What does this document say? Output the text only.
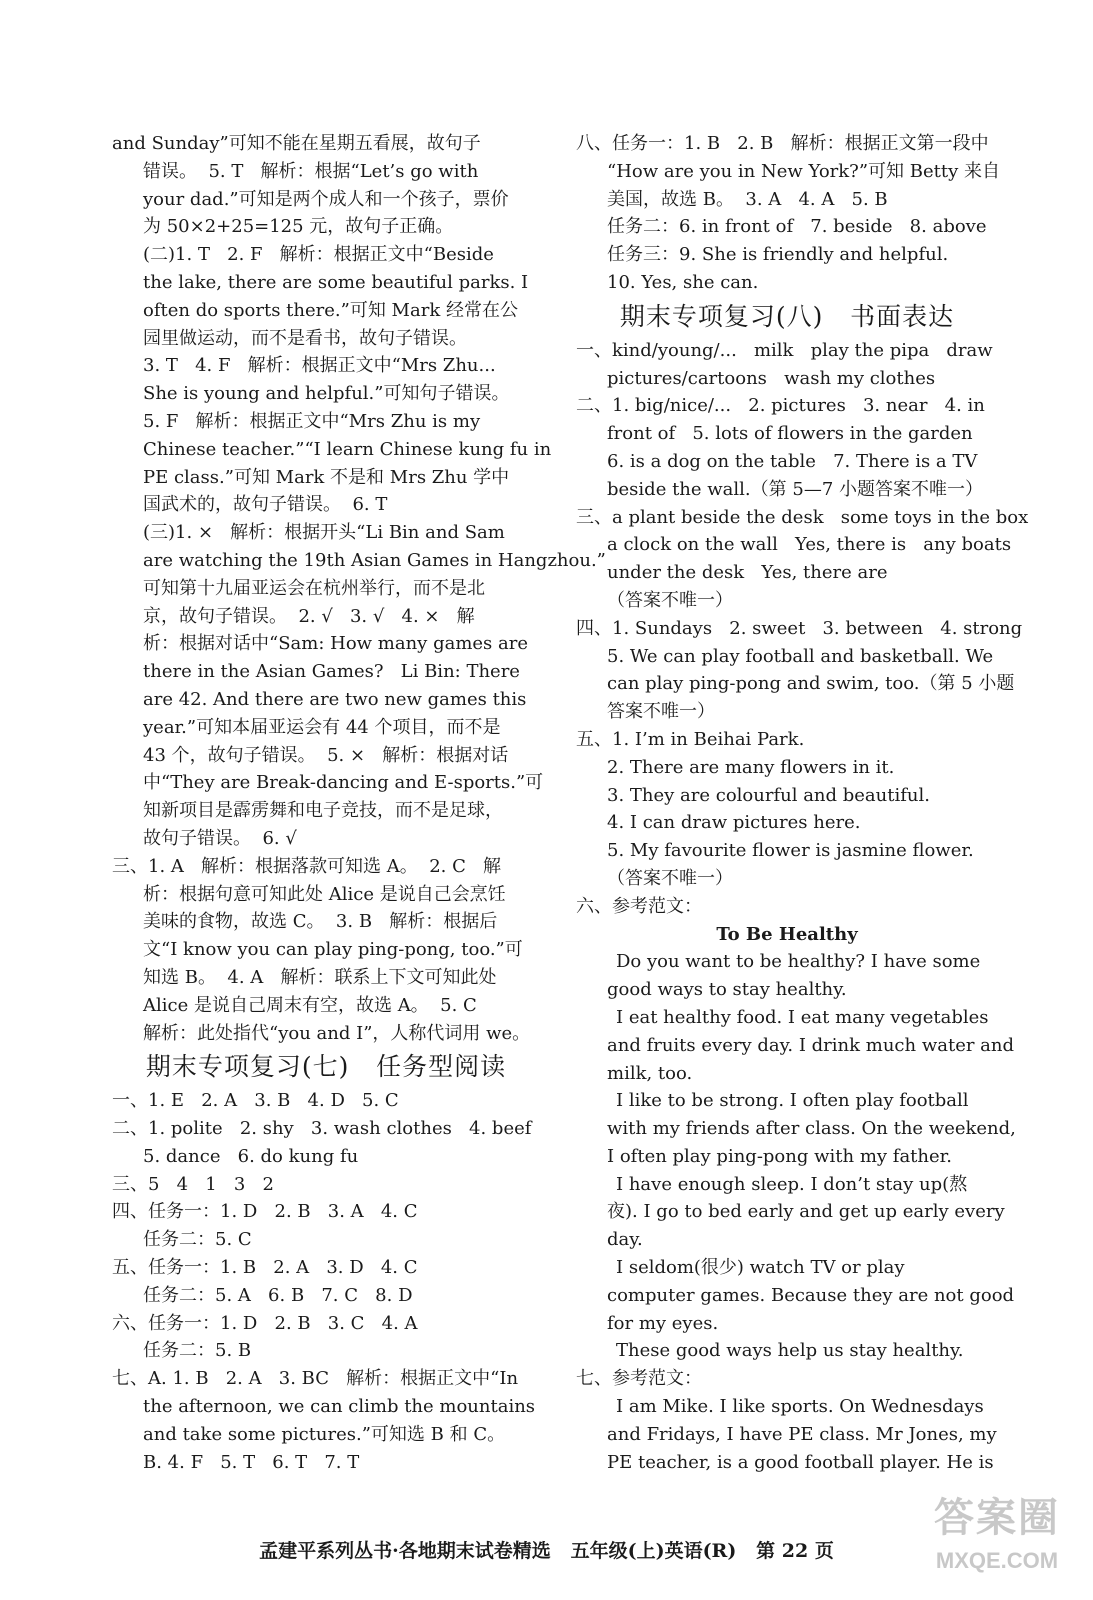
and Sunday”可知不能在星期五看展，故句子
错误。  5. T   解析：根据“Let’s go with
your dad.”可知是两个成人和一个孩子，票价
为 50×2+25=125 元，故句子正确。
(二)1. T   2. F   解析：根据正文中“Beside
the lake, there are some beautiful parks. I
often do sports there.”可知 Mark 经常在公
园里做运动，而不是看书，故句子错误。
3. T   4. F   解析：根据正文中“Mrs Zhu...
She is young and helpful.”可知句子错误。
5. F   解析：根据正文中“Mrs Zhu is my
Chinese teacher.”“I learn Chinese kung fu in
PE class.”可知 Mark 不是和 Mrs Zhu 学中
国武术的，故句子错误。  6. T
(三)1. ×   解析：根据开头“Li Bin and Sam
are watching the 19th Asian Games in Hangzhou.”
可知第十九届亚运会在杭州举行，而不是北
京，故句子错误。  2. √   3. √   4. ×   解
析：根据对话中“Sam: How many games are
there in the Asian Games?   Li Bin: There
are 42. And there are two new games this
year.”可知本届亚运会有 44 个项目，而不是
43 个，故句子错误。  5. ×   解析：根据对话
中“They are Break-dancing and E-sports.”可
知新项目是霹雳舞和电子竞技，而不是足球，
故句子错误。  6. √
三、1. A   解析：根据落款可知选 A。  2. C   解
析：根据句意可知此处 Alice 是说自己会烹饪
美味的食物，故选 C。  3. B   解析：根据后
文“I know you can play ping-pong, too.”可
知选 B。  4. A   解析：联系上下文可知此处
Alice 是说自己周末有空，故选 A。  5. C
解析：此处指代“you and I”，人称代词用 we。
期末专项复习(七)   任务型阅读
一、1. E   2. A   3. B   4. D   5. C
二、1. polite   2. shy   3. wash clothes   4. beef
5. dance   6. do kung fu
三、5   4   1   3   2
四、任务一：1. D   2. B   3. A   4. C
任务二：5. C
五、任务一：1. B   2. A   3. D   4. C
任务二：5. A   6. B   7. C   8. D
六、任务一：1. D   2. B   3. C   4. A
任务二：5. B
七、A. 1. B   2. A   3. BC   解析：根据正文中“In
the afternoon, we can climb the mountains
and take some pictures.”可知选 B 和 C。
B. 4. F   5. T   6. T   7. T
八、任务一：1. B   2. B   解析：根据正文第一段中
“How are you in New York?”可知 Betty 来自
美国，故选 B。  3. A   4. A   5. B
任务二：6. in front of   7. beside   8. above
任务三：9. She is friendly and helpful.
10. Yes, she can.
期末专项复习(八)   书面表达
一、kind/young/...   milk   play the pipa   draw
pictures/cartoons   wash my clothes
二、1. big/nice/...   2. pictures   3. near   4. in
front of   5. lots of flowers in the garden
6. is a dog on the table   7. There is a TV
beside the wall.（第 5—7 小题答案不唯一）
三、a plant beside the desk   some toys in the box
a clock on the wall   Yes, there is   any boats
under the desk   Yes, there are
（答案不唯一）
四、1. Sundays   2. sweet   3. between   4. strong
5. We can play football and basketball. We
can play ping-pong and swim, too.（第 5 小题
答案不唯一）
五、1. I’m in Beihai Park.
2. There are many flowers in it.
3. They are colourful and beautiful.
4. I can draw pictures here.
5. My favourite flower is jasmine flower.
（答案不唯一）
六、参考范文：
To Be Healthy
Do you want to be healthy? I have some
good ways to stay healthy.
I eat healthy food. I eat many vegetables
and fruits every day. I drink much water and
milk, too.
I like to be strong. I often play football
with my friends after class. On the weekend,
I often play ping-pong with my father.
I have enough sleep. I don’t stay up(熬
夜). I go to bed early and get up early every
day.
I seldom(很少) watch TV or play
computer games. Because they are not good
for my eyes.
These good ways help us stay healthy.
七、参考范文：
I am Mike. I like sports. On Wednesdays
and Fridays, I have PE class. Mr Jones, my
PE teacher, is a good football player. He is
孟建平系列丛书·各地期末试卷精选   五年级(上)英语(R)   第 22 页
答案圈
MXQE.COM
